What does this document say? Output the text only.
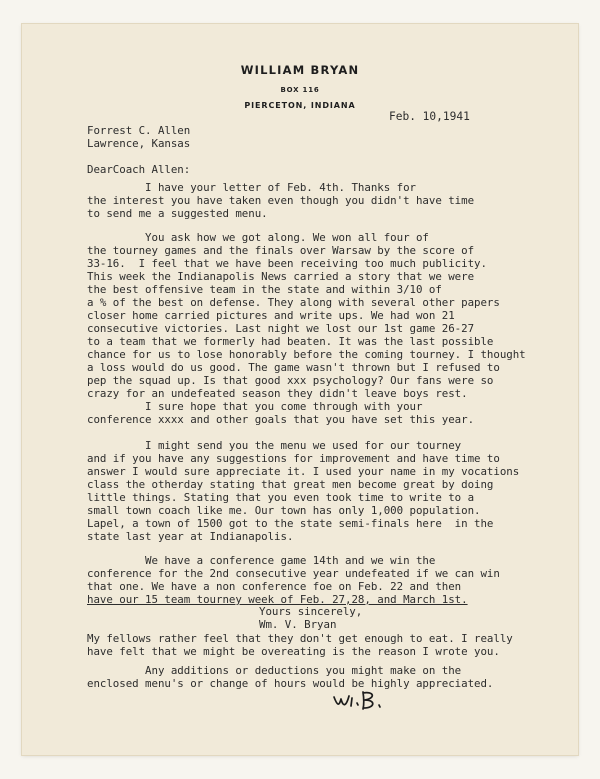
WILLIAM BRYAN
BOX 116
PIERCETON, INDIANA
Feb. 10,1941
Forrest C. Allen
Lawrence, Kansas
DearCoach Allen:
I have your letter of Feb. 4th. Thanks for
the interest you have taken even though you didn't have time
to send me a suggested menu.
You ask how we got along. We won all four of
the tourney games and the finals over Warsaw by the score of
33-16.  I feel that we have been receiving too much publicity.
This week the Indianapolis News carried a story that we were
the best offensive team in the state and within 3/10 of
a % of the best on defense. They along with several other papers
closer home carried pictures and write ups. We had won 21
consecutive victories. Last night we lost our 1st game 26-27
to a team that we formerly had beaten. It was the last possible
chance for us to lose honorably before the coming tourney. I thought
a loss would do us good. The game wasn't thrown but I refused to
pep the squad up. Is that good xxx psychology? Our fans were so
crazy for an undefeated season they didn't leave boys rest.
I sure hope that you come through with your
conference xxxx and other goals that you have set this year.
I might send you the menu we used for our tourney
and if you have any suggestions for improvement and have time to
answer I would sure appreciate it. I used your name in my vocations
class the otherday stating that great men become great by doing
little things. Stating that you even took time to write to a
small town coach like me. Our town has only 1,000 population.
Lapel, a town of 1500 got to the state semi-finals here  in the
state last year at Indianapolis.
We have a conference game 14th and we win the
conference for the 2nd consecutive year undefeated if we can win
that one. We have a non conference foe on Feb. 22 and then
have our 15 team tourney week of Feb. 27,28, and March 1st.
Yours sincerely,
Wm. V. Bryan
My fellows rather feel that they don't get enough to eat. I really
have felt that we might be overeating is the reason I wrote you.
Any additions or deductions you might make on the
enclosed menu's or change of hours would be highly appreciated.
